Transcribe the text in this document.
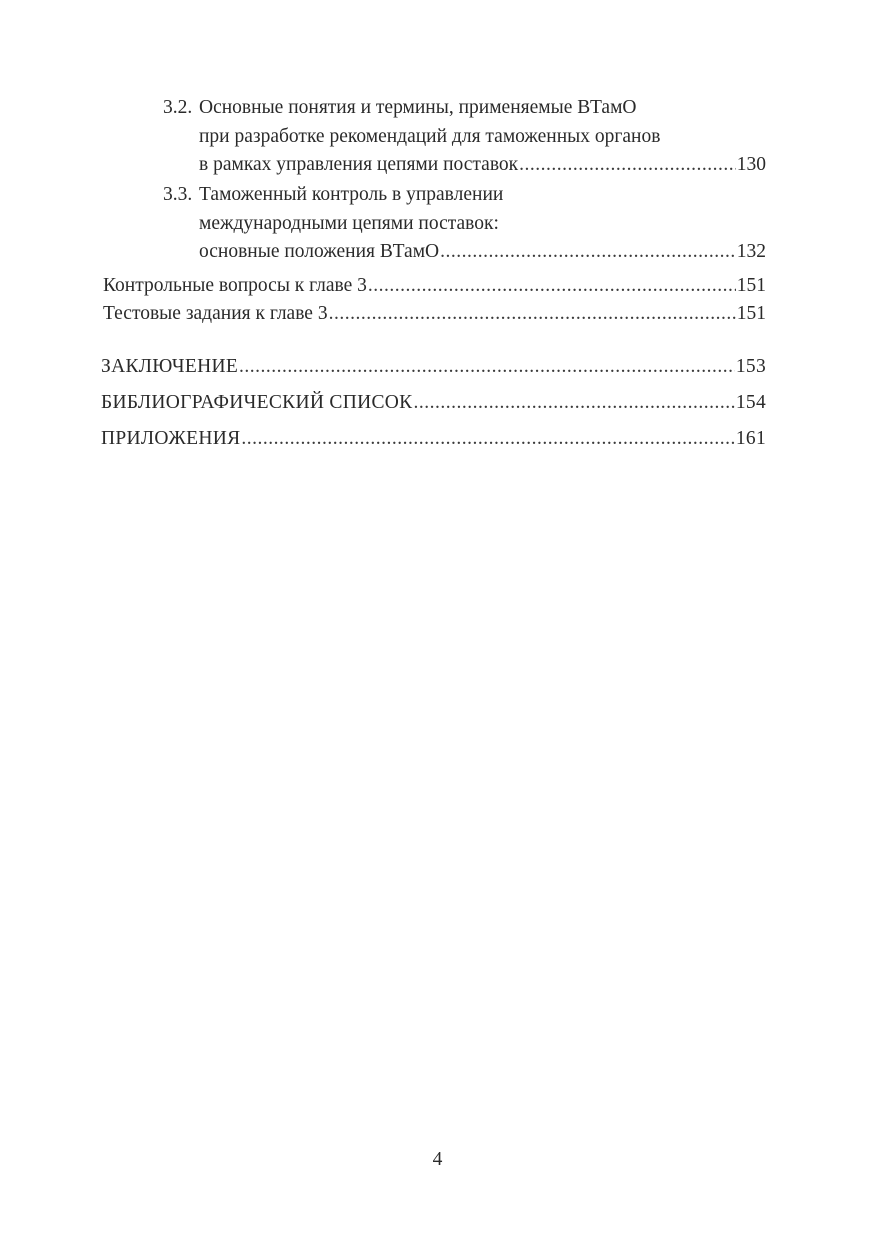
3.2. Основные понятия и термины, применяемые ВТамО
при разработке рекомендаций для таможенных органов
в рамках управления цепями поставок .....	130
3.3. Таможенный контроль в управлении
международными цепями поставок:
основные положения ВТамО .....	132
Контрольные вопросы к главе 3 .....	151
Тестовые задания к главе 3 .....	151
ЗАКЛЮЧЕНИЕ .....	153
БИБЛИОГРАФИЧЕСКИЙ СПИСОК .....	154
ПРИЛОЖЕНИЯ .....	161
4
